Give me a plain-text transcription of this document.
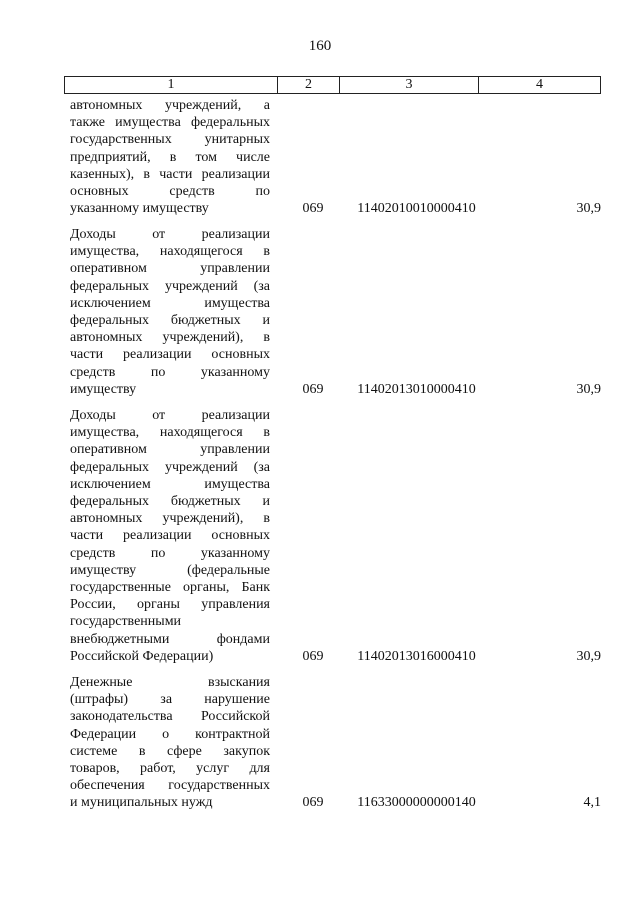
160
1	2	3	4
автономных учреждений, а
также имущества федеральных
государственных унитарных
предприятий, в том числе
казенных), в части реализации
основных средств по
указанному имуществу	069	11402010010000410	30,9
Доходы от реализации
имущества, находящегося в
оперативном управлении
федеральных учреждений (за
исключением имущества
федеральных бюджетных и
автономных учреждений), в
части реализации основных
средств по указанному
имуществу	069	11402013010000410	30,9
Доходы от реализации
имущества, находящегося в
оперативном управлении
федеральных учреждений (за
исключением имущества
федеральных бюджетных и
автономных учреждений), в
части реализации основных
средств по указанному
имуществу (федеральные
государственные органы, Банк
России, органы управления
государственными
внебюджетными фондами
Российской Федерации)	069	11402013016000410	30,9
Денежные взыскания
(штрафы) за нарушение
законодательства Российской
Федерации о контрактной
системе в сфере закупок
товаров, работ, услуг для
обеспечения государственных
и муниципальных нужд	069	11633000000000140	4,1
